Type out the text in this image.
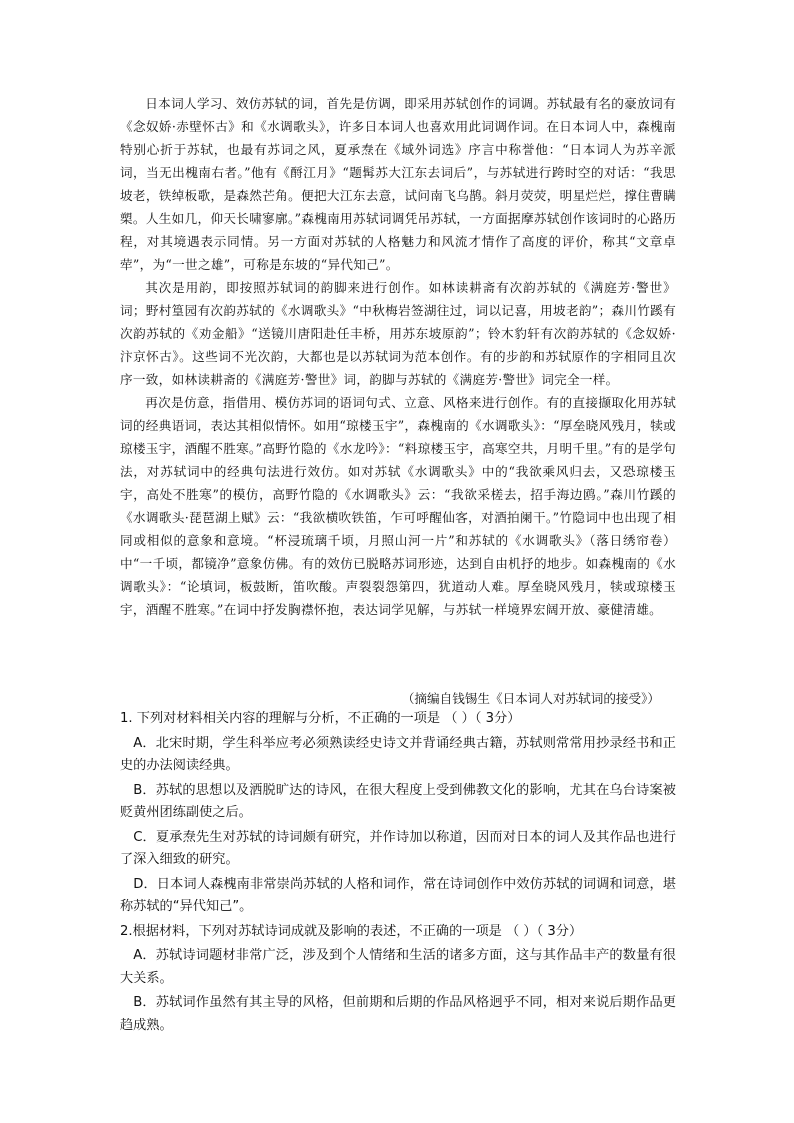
日本词人学习、效仿苏轼的词，首先是仿调，即采用苏轼创作的词调。苏轼最有名的豪放词有《念奴娇·赤壁怀古》和《水调歌头》，许多日本词人也喜欢用此词调作词。在日本词人中，森槐南特别心折于苏轼，也最有苏词之风，夏承焘在《域外词选》序言中称誉他：“日本词人为苏辛派词，当无出槐南右者。”他有《酹江月》“题髯苏大江东去词后”，与苏轼进行跨时空的对话：“我思坡老，铁绰板歌，是森然芒角。便把大江东去意，试问南飞乌鹊。斜月荧荧，明星烂烂，撑住曹瞒槊。人生如几，仰天长啸寥廓。”森槐南用苏轼词调凭吊苏轼，一方面据摩苏轼创作该词时的心路历程，对其境遇表示同情。另一方面对苏轼的人格魅力和风流才情作了高度的评价，称其“文章卓荦”，为“一世之雄”，可称是东坡的“异代知己”。

其次是用韵，即按照苏轼词的韵脚来进行创作。如林读耕斋有次韵苏轼的《满庭芳·警世》词；野村篁园有次韵苏轼的《水调歌头》“中秋梅岩签湖往过，词以记喜，用坡老韵”；森川竹蹊有次韵苏轼的《劝金船》“送镜川唐阳赴任丰桥，用苏东坡原韵”；铃木豹轩有次韵苏轼的《念奴娇·汴京怀古》。这些词不光次韵，大都也是以苏轼词为范本创作。有的步韵和苏轼原作的字相同且次序一致，如林读耕斋的《满庭芳·警世》词，韵脚与苏轼的《满庭芳·警世》词完全一样。

再次是仿意，指借用、模仿苏词的语词句式、立意、风格来进行创作。有的直接撷取化用苏轼词的经典语词，表达其相似情怀。如用“琼楼玉宇”，森槐南的《水调歌头》：“厚垒晓风残月，犊或琼楼玉宇，酒醒不胜寒。”高野竹隐的《水龙吟》：“料琼楼玉宇，高寒空共，月明千里。”有的是学句法，对苏轼词中的经典句法进行效仿。如对苏轼《水调歌头》中的“我欲乘风归去，又恐琼楼玉宇，高处不胜寒”的模仿，高野竹隐的《水调歌头》云：“我欲采槎去，招手海边鸥。”森川竹蹊的《水调歌头·琵琶湖上赋》云：“我欲横吹铁笛，乍可呼醒仙客，对酒拍阑干。”竹隐词中也出现了相同或相似的意象和意境。“杯浸琉璃千顷，月照山河一片”和苏轼的《水调歌头》（落日绣帘卷）中“一千顷，都镜净”意象仿佛。有的效仿已脱略苏词形迹，达到自由机抒的地步。如森槐南的《水调歌头》：“论填词，板鼓断，笛吹酸。声裂裂怨第四，犹道动人难。厚垒晓风残月，犊或琼楼玉宇，酒醒不胜寒。”在词中抒发胸襟怀抱，表达词学见解，与苏轼一样境界宏阔开放、豪健清雄。

（摘编自钱锡生《日本词人对苏轼词的接受》）

1. 下列对材料相关内容的理解与分析，不正确的一项是 （ ）（ 3分）

A．北宋时期，学生科举应考必须熟读经史诗文并背诵经典古籍，苏轼则常常用抄录经书和正史的办法阅读经典。

B．苏轼的思想以及洒脱旷达的诗风，在很大程度上受到佛教文化的影响，尤其在乌台诗案被贬黄州团练副使之后。

C．夏承焘先生对苏轼的诗词颇有研究，并作诗加以称道，因而对日本的词人及其作品也进行了深入细致的研究。

D．日本词人森槐南非常崇尚苏轼的人格和词作，常在诗词创作中效仿苏轼的词调和词意，堪称苏轼的“异代知己”。

2.根据材料，下列对苏轼诗词成就及影响的表述，不正确的一项是 （ ）（ 3分）

A．苏轼诗词题材非常广泛，涉及到个人情绪和生活的诸多方面，这与其作品丰产的数量有很大关系。

B．苏轼词作虽然有其主导的风格，但前期和后期的作品风格迥乎不同，相对来说后期作品更趋成熟。
